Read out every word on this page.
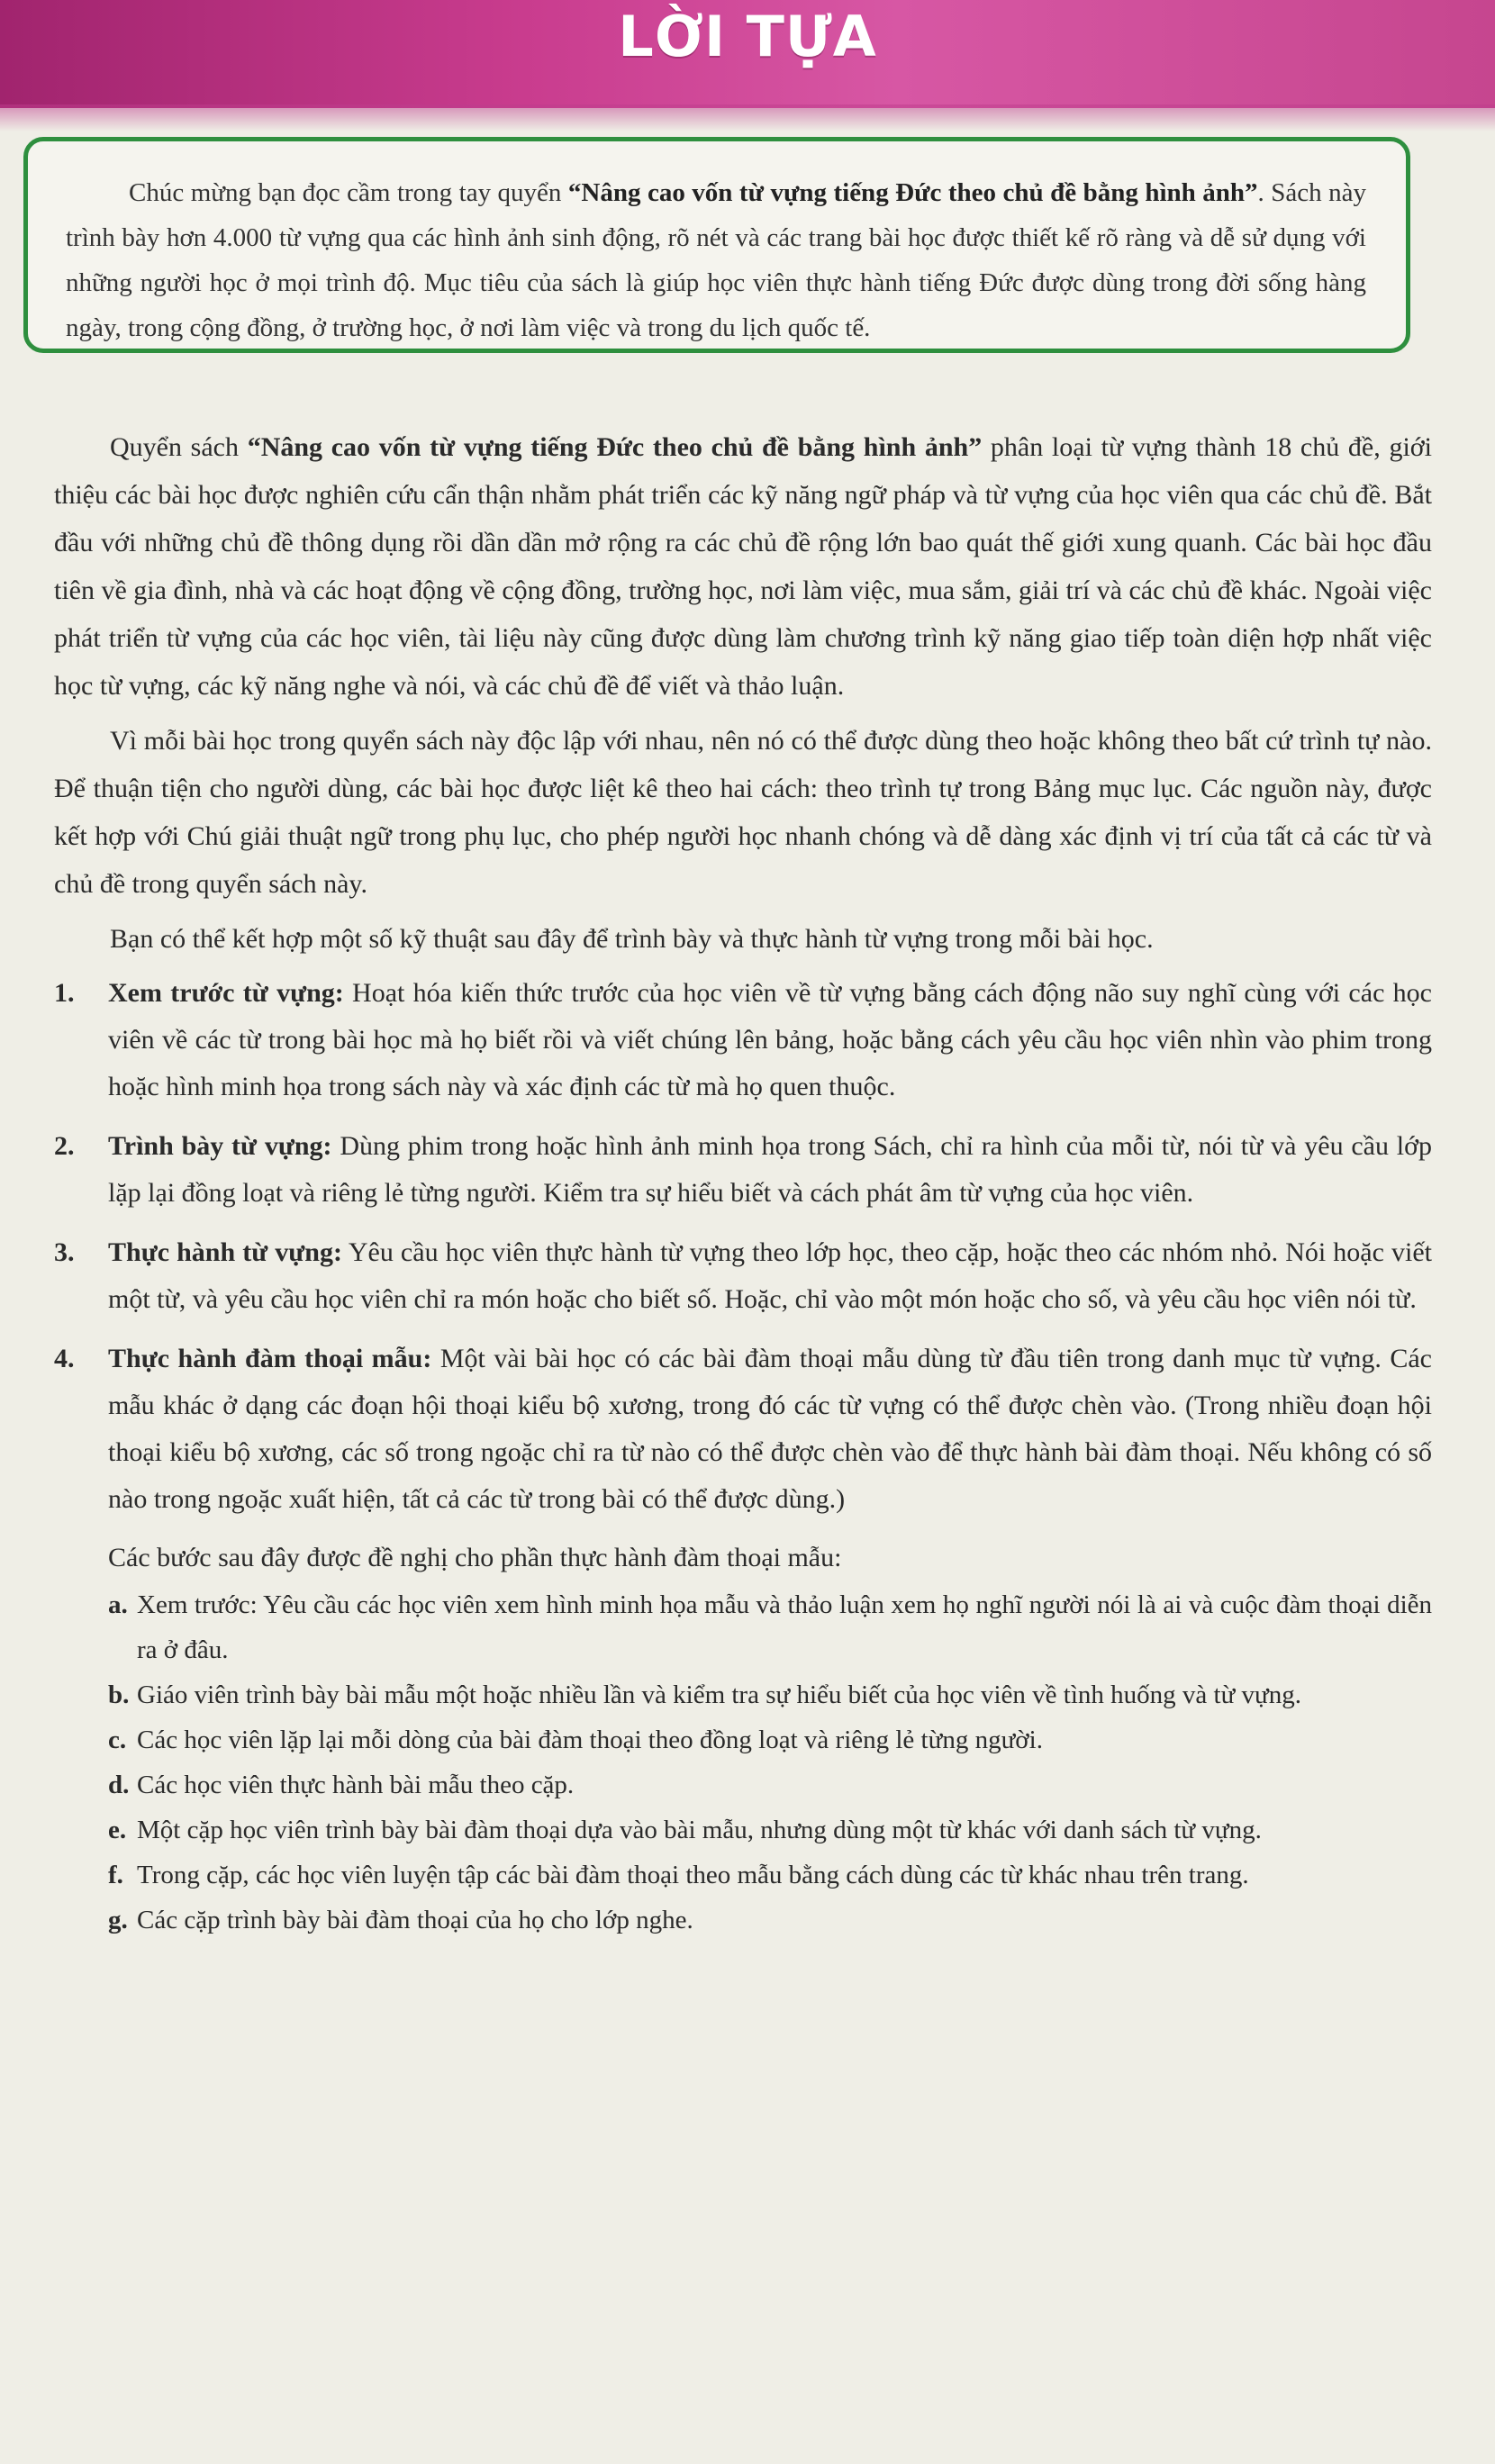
LỜI TỰA

Chúc mừng bạn đọc cầm trong tay quyển “Nâng cao vốn từ vựng tiếng Đức theo chủ đề bằng hình ảnh”. Sách này trình bày hơn 4.000 từ vựng qua các hình ảnh sinh động, rõ nét và các trang bài học được thiết kế rõ ràng và dễ sử dụng với những người học ở mọi trình độ. Mục tiêu của sách là giúp học viên thực hành tiếng Đức được dùng trong đời sống hàng ngày, trong cộng đồng, ở trường học, ở nơi làm việc và trong du lịch quốc tế.

Quyển sách “Nâng cao vốn từ vựng tiếng Đức theo chủ đề bằng hình ảnh” phân loại từ vựng thành 18 chủ đề, giới thiệu các bài học được nghiên cứu cẩn thận nhằm phát triển các kỹ năng ngữ pháp và từ vựng của học viên qua các chủ đề. Bắt đầu với những chủ đề thông dụng rồi dần dần mở rộng ra các chủ đề rộng lớn bao quát thế giới xung quanh. Các bài học đầu tiên về gia đình, nhà và các hoạt động về cộng đồng, trường học, nơi làm việc, mua sắm, giải trí và các chủ đề khác. Ngoài việc phát triển từ vựng của các học viên, tài liệu này cũng được dùng làm chương trình kỹ năng giao tiếp toàn diện hợp nhất việc học từ vựng, các kỹ năng nghe và nói, và các chủ đề để viết và thảo luận.

Vì mỗi bài học trong quyển sách này độc lập với nhau, nên nó có thể được dùng theo hoặc không theo bất cứ trình tự nào. Để thuận tiện cho người dùng, các bài học được liệt kê theo hai cách: theo trình tự trong Bảng mục lục. Các nguồn này, được kết hợp với Chú giải thuật ngữ trong phụ lục, cho phép người học nhanh chóng và dễ dàng xác định vị trí của tất cả các từ và chủ đề trong quyển sách này.

Bạn có thể kết hợp một số kỹ thuật sau đây để trình bày và thực hành từ vựng trong mỗi bài học.

1. Xem trước từ vựng: Hoạt hóa kiến thức trước của học viên về từ vựng bằng cách động não suy nghĩ cùng với các học viên về các từ trong bài học mà họ biết rồi và viết chúng lên bảng, hoặc bằng cách yêu cầu học viên nhìn vào phim trong hoặc hình minh họa trong sách này và xác định các từ mà họ quen thuộc.
2. Trình bày từ vựng: Dùng phim trong hoặc hình ảnh minh họa trong Sách, chỉ ra hình của mỗi từ, nói từ và yêu cầu lớp lặp lại đồng loạt và riêng lẻ từng người. Kiểm tra sự hiểu biết và cách phát âm từ vựng của học viên.
3. Thực hành từ vựng: Yêu cầu học viên thực hành từ vựng theo lớp học, theo cặp, hoặc theo các nhóm nhỏ. Nói hoặc viết một từ, và yêu cầu học viên chỉ ra món hoặc cho biết số. Hoặc, chỉ vào một món hoặc cho số, và yêu cầu học viên nói từ.
4. Thực hành đàm thoại mẫu: Một vài bài học có các bài đàm thoại mẫu dùng từ đầu tiên trong danh mục từ vựng. Các mẫu khác ở dạng các đoạn hội thoại kiểu bộ xương, trong đó các từ vựng có thể được chèn vào. (Trong nhiều đoạn hội thoại kiểu bộ xương, các số trong ngoặc chỉ ra từ nào có thể được chèn vào để thực hành bài đàm thoại. Nếu không có số nào trong ngoặc xuất hiện, tất cả các từ trong bài có thể được dùng.)

Các bước sau đây được đề nghị cho phần thực hành đàm thoại mẫu:

a. Xem trước: Yêu cầu các học viên xem hình minh họa mẫu và thảo luận xem họ nghĩ người nói là ai và cuộc đàm thoại diễn ra ở đâu.
b. Giáo viên trình bày bài mẫu một hoặc nhiều lần và kiểm tra sự hiểu biết của học viên về tình huống và từ vựng.
c. Các học viên lặp lại mỗi dòng của bài đàm thoại theo đồng loạt và riêng lẻ từng người.
d. Các học viên thực hành bài mẫu theo cặp.
e. Một cặp học viên trình bày bài đàm thoại dựa vào bài mẫu, nhưng dùng một từ khác với danh sách từ vựng.
f. Trong cặp, các học viên luyện tập các bài đàm thoại theo mẫu bằng cách dùng các từ khác nhau trên trang.
g. Các cặp trình bày bài đàm thoại của họ cho lớp nghe.
